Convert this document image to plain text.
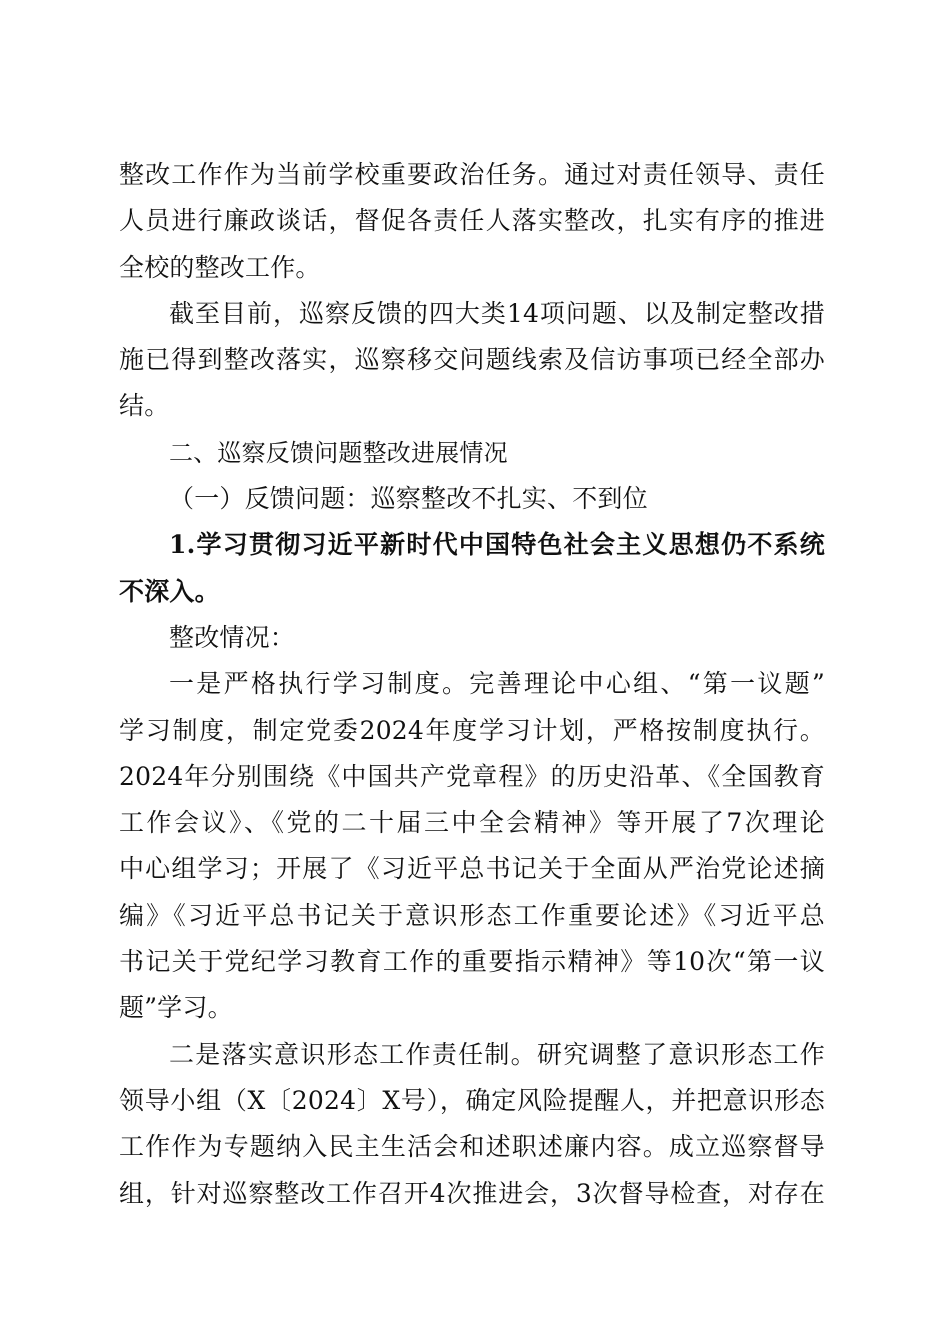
整改工作作为当前学校重要政治任务。通过对责任领导、责任
人员进行廉政谈话，督促各责任人落实整改，扎实有序的推进
全校的整改工作。
截至目前，巡察反馈的四大类14项问题、以及制定整改措
施已得到整改落实，巡察移交问题线索及信访事项已经全部办
结。
二、巡察反馈问题整改进展情况
（一）反馈问题：巡察整改不扎实、不到位
1.学习贯彻习近平新时代中国特色社会主义思想仍不系统
不深入。
整改情况：
一是严格执行学习制度。完善理论中心组、“第一议题”
学习制度，制定党委2024年度学习计划，严格按制度执行。
2024年分别围绕《中国共产党章程》的历史沿革、《全国教育
工作会议》、《党的二十届三中全会精神》等开展了7次理论
中心组学习；开展了《习近平总书记关于全面从严治党论述摘
编》《习近平总书记关于意识形态工作重要论述》《习近平总
书记关于党纪学习教育工作的重要指示精神》等10次“第一议
题”学习。
二是落实意识形态工作责任制。研究调整了意识形态工作
领导小组（X〔2024〕X号），确定风险提醒人，并把意识形态
工作作为专题纳入民主生活会和述职述廉内容。成立巡察督导
组，针对巡察整改工作召开4次推进会，3次督导检查，对存在
